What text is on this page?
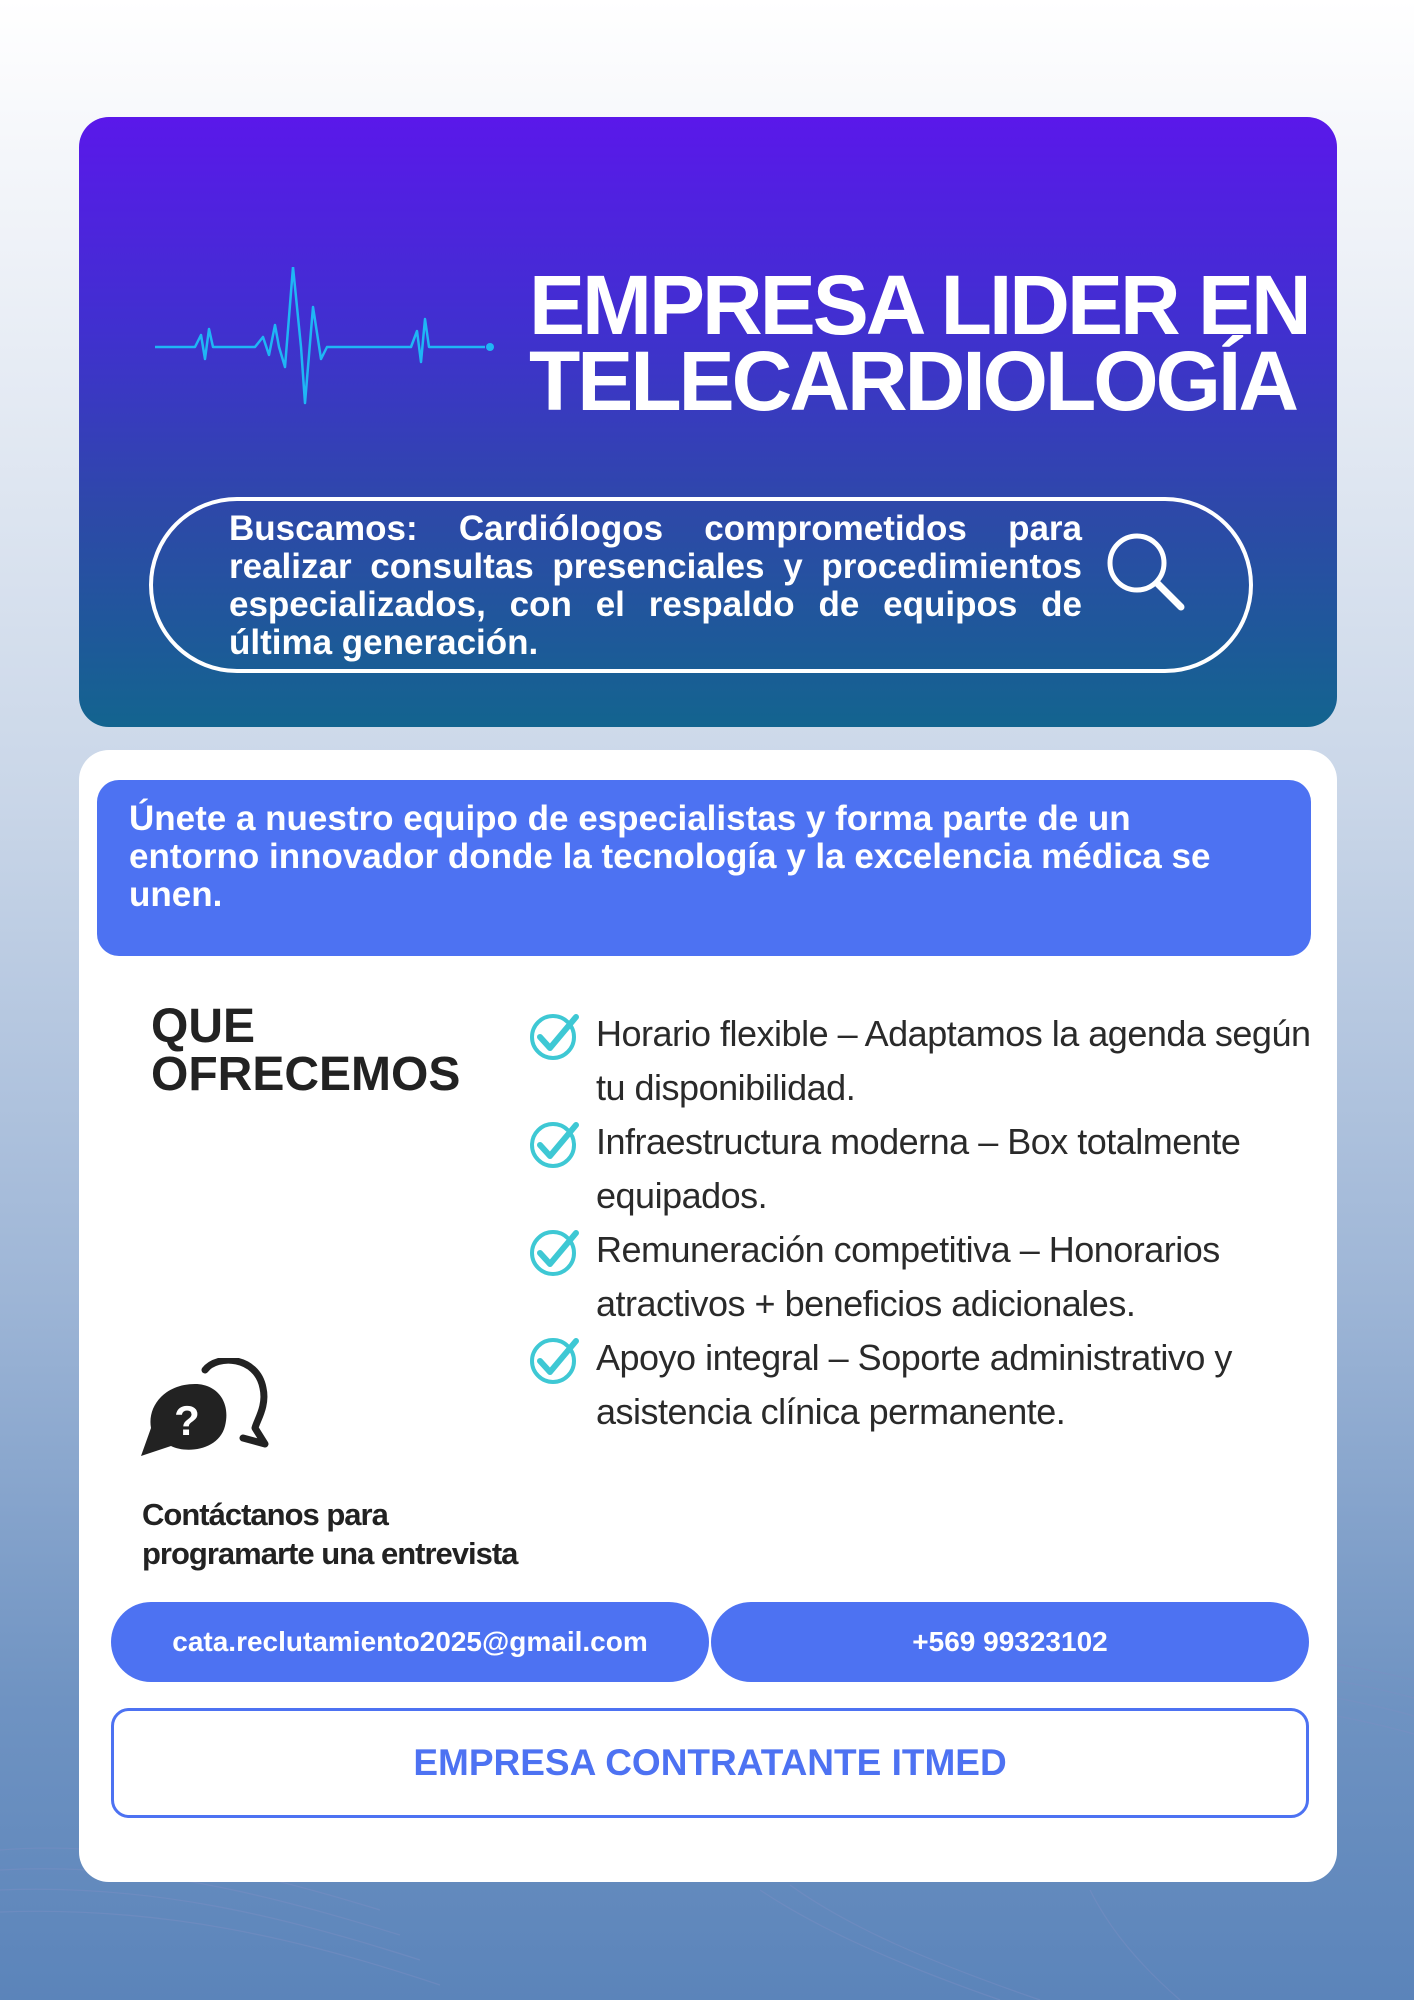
EMPRESA LIDER EN
TELECARDIOLOGÍA

Buscamos: Cardiólogos comprometidos para realizar consultas presenciales y procedimientos especializados, con el respaldo de equipos de última generación.

Únete a nuestro equipo de especialistas y forma parte de un entorno innovador donde la tecnología y la excelencia médica se unen.

QUE
OFRECEMOS
Horario flexible – Adaptamos la agenda según tu disponibilidad.
Infraestructura moderna – Box totalmente equipados.
Remuneración competitiva – Honorarios atractivos + beneficios adicionales.
Apoyo integral – Soporte administrativo y asistencia clínica permanente.
?

Contáctanos para
programarte una entrevista

cata.reclutamiento2025@gmail.com	+569 99323102
EMPRESA CONTRATANTE ITMED
